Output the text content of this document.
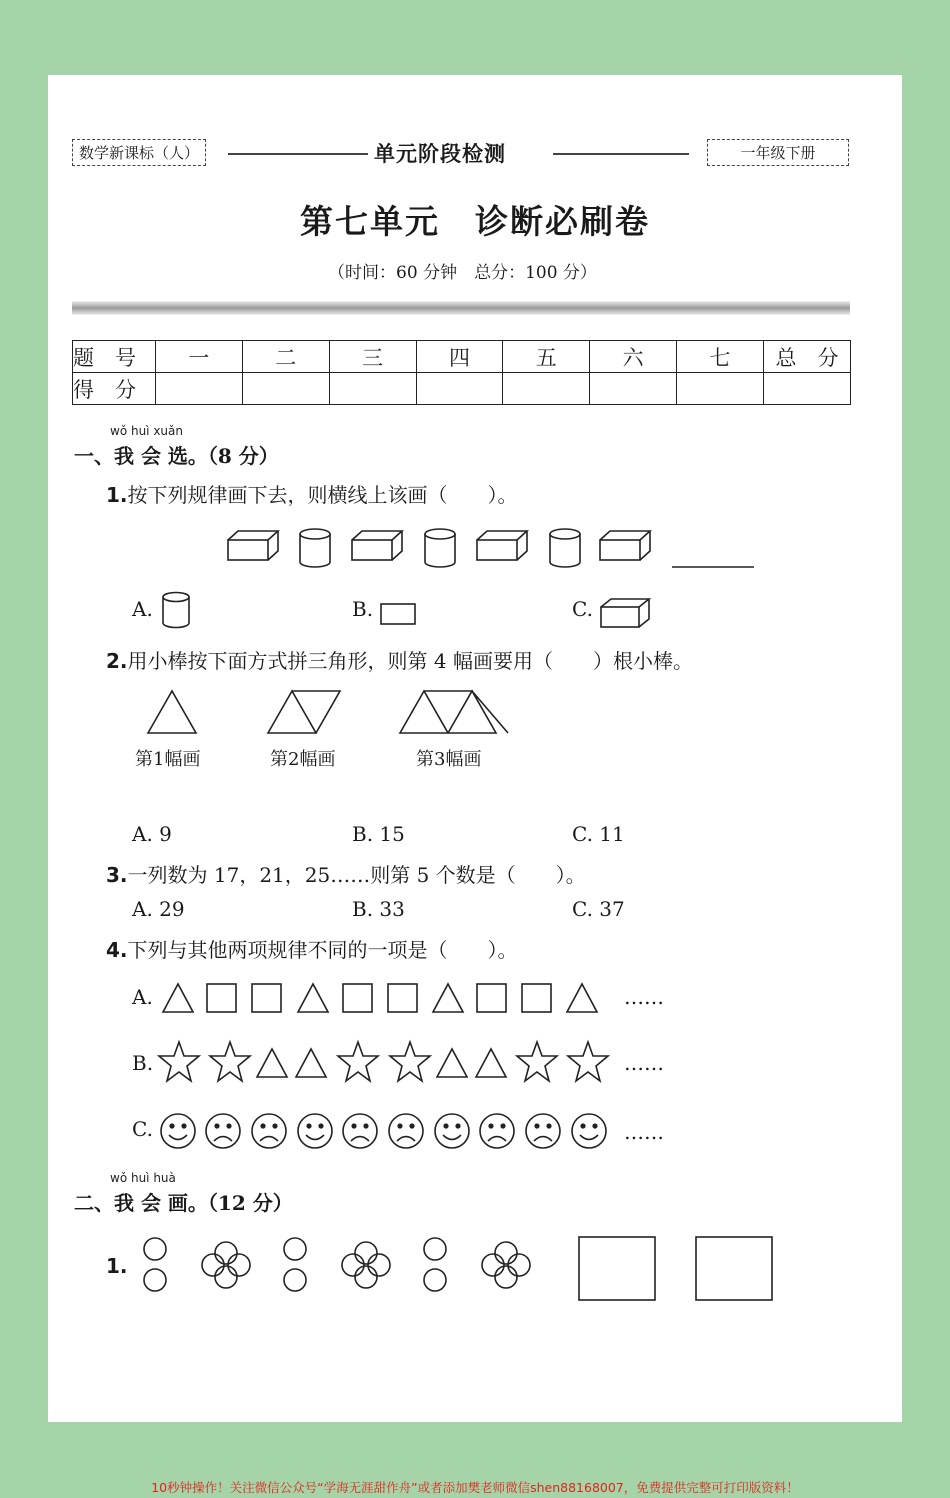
数学新课标（人）	单元阶段检测	一年级下册
第七单元　诊断必刷卷
（时间：60 分钟　总分：100 分）
题　号	一	二	三	四	五	六	七	总　分
得　分								
wǒ huì xuǎn
一、我 会 选。（8 分）
1.按下列规律画下去，则横线上该画（　　）。
A.	B.	C.
2.用小棒按下面方式拼三角形，则第 4 幅画要用（　　）根小棒。
第1幅画	第2幅画	第3幅画
A. 9	B. 15	C. 11
3.一列数为 17，21，25……则第 5 个数是（　　）。
A. 29	B. 33	C. 37
4.下列与其他两项规律不同的一项是（　　）。
A.
B.
C.
……
……
……
wǒ huì huà
二、我 会 画。（12 分）
1.
10秒钟操作！关注微信公众号“学海无涯甜作舟”或者添加樊老师微信shen88168007，免费提供完整可打印版资料！
